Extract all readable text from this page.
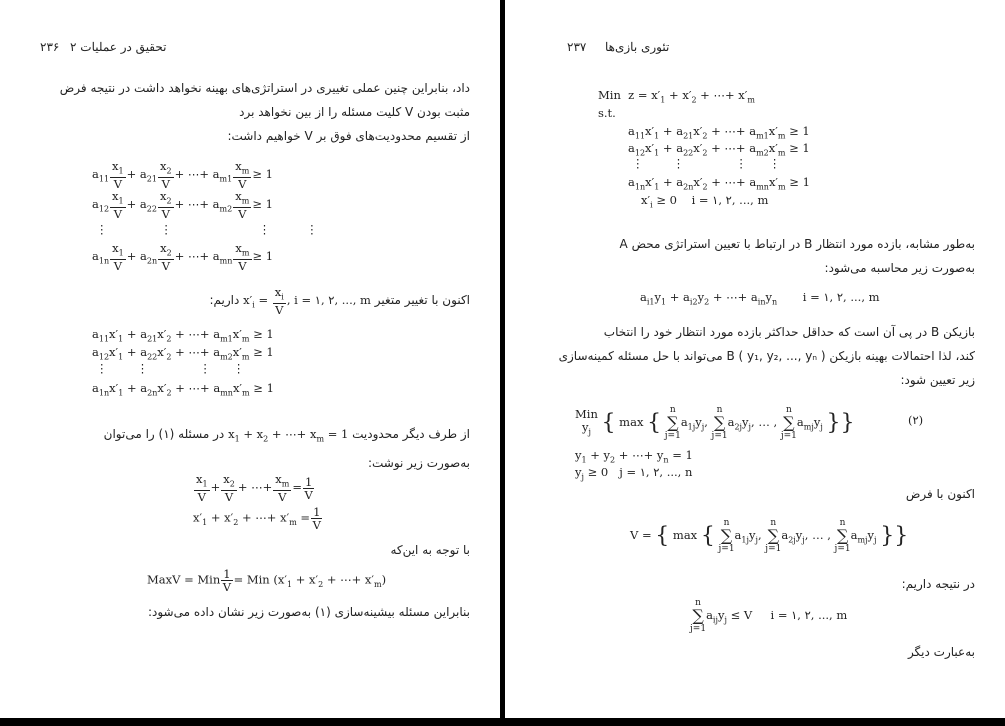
۲۳۶ تحقیق در عملیات ۲
داد، بنابراین چنین عملی تغییری در استراتژی‌های بهینه نخواهد داشت در نتیجه فرض
مثبت بودن V کلیت مسئله را از بین نخواهد برد
از تقسیم محدودیت‌های فوق بر V خواهیم داشت:
$a_{11} \frac{x_1}{V} + a_{21} \frac{x_2}{V}$ + ⋯+ $a_{m1} \frac{x_m}{V} \ge 1$
$a_{12} \frac{x_1}{V} + a_{22} \frac{x_2}{V}$ + ⋯+ $a_{m2} \frac{x_m}{V} \ge 1$
⋮         ⋮               ⋮      ⋮
$a_{1n} \frac{x_1}{V} + a_{2n} \frac{x_2}{V}$ + ⋯+ $a_{mn} \frac{x_m}{V} \ge 1$
اکنون با تغییر متغیر $x'_i = \frac{x_i}{V}$ , i = ۱, ۲, ..., m داریم:
$a_{11}x'_1 + a_{21}x'_2$ + ⋯+ $a_{m1}x'_m \ge 1$
$a_{12}x'_1 + a_{22}x'_2$ + ⋯+ $a_{m2}x'_m \ge 1$
⋮        ⋮              ⋮      ⋮
$a_{1n}x'_1 + a_{2n}x'_2$ + ⋯+ $a_{mn}x'_m \ge 1$
از طرف دیگر محدودیت $x_1 + x_2$ + ⋯+ $x_m = 1$ در مسئله (۱) را می‌توان
به‌صورت زیر نوشت:
$\frac{x_1}{V} + \frac{x_2}{V}$ + ⋯+ $\frac{x_m}{V} = \frac{1}{V}$
$x'_1 + x'_2$ + ⋯+ $x'_m = \frac{1}{V}$
با توجه به این‌که
MaxV = Min $\frac{1}{V}$ = Min ($x'_1 + x'_2$ + ⋯+ $x'_m$)
بنابراین مسئله بیشینه‌سازی (۱) به‌صورت زیر نشان داده می‌شود:
۲۳۷ تئوری بازی‌ها
Min  $z = x'_1 + x'_2$ + ⋯+ $x'_m$
s.t.
$a_{11}x'_1 + a_{21}x'_2$ + ⋯+ $a_{m1}x'_m \ge 1$
$a_{12}x'_1 + a_{22}x'_2$ + ⋯+ $a_{m2}x'_m \ge 1$
⋮        ⋮              ⋮      ⋮
$a_{1n}x'_1 + a_{2n}x'_2$ + ⋯+ $a_{mn}x'_m \ge 1$
$x'_i \ge 0$    i = ۱, ۲, ..., m
به‌طور مشابه، بازده مورد انتظار B در ارتباط با تعیین استراتژی محض A
به‌صورت زیر محاسبه می‌شود:
$a_{i1}y_1 + a_{i2}y_2$ + ⋯+ $a_{in}y_n$ i = ۱, ۲, ..., m
بازیکن B در پی آن است که حداقل حداکثر بازده مورد انتظار خود را انتخاب
کند، لذا احتمالات بهینه بازیکن B ( y₁, y₂, ..., yₙ ) می‌تواند با حل مسئله کمینه‌سازی
زیر تعیین شود:
Min
$y_j$ { max { n
∑
$j=1a_{1j}y_j$, n
∑
$j=1a_{2j}y_j$, … , n
∑
$j=1a_{mj}y_j$ }}	(۲)
$y_1 + y_2$ + ⋯+ $y_n = 1$
$y_j \ge 0$   j = ۱, ۲, ..., n
اکنون با فرض
V = { max { n
∑
$j=1a_{1j}y_j$, n
∑
$j=1a_{2j}y_j$, … , n
∑
$j=1a_{mj}y_j$ }}
در نتیجه داریم:
n
∑
$j=1a_{ij}y_j \le V$     i = ۱, ۲, ..., m
به‌عبارت دیگر
